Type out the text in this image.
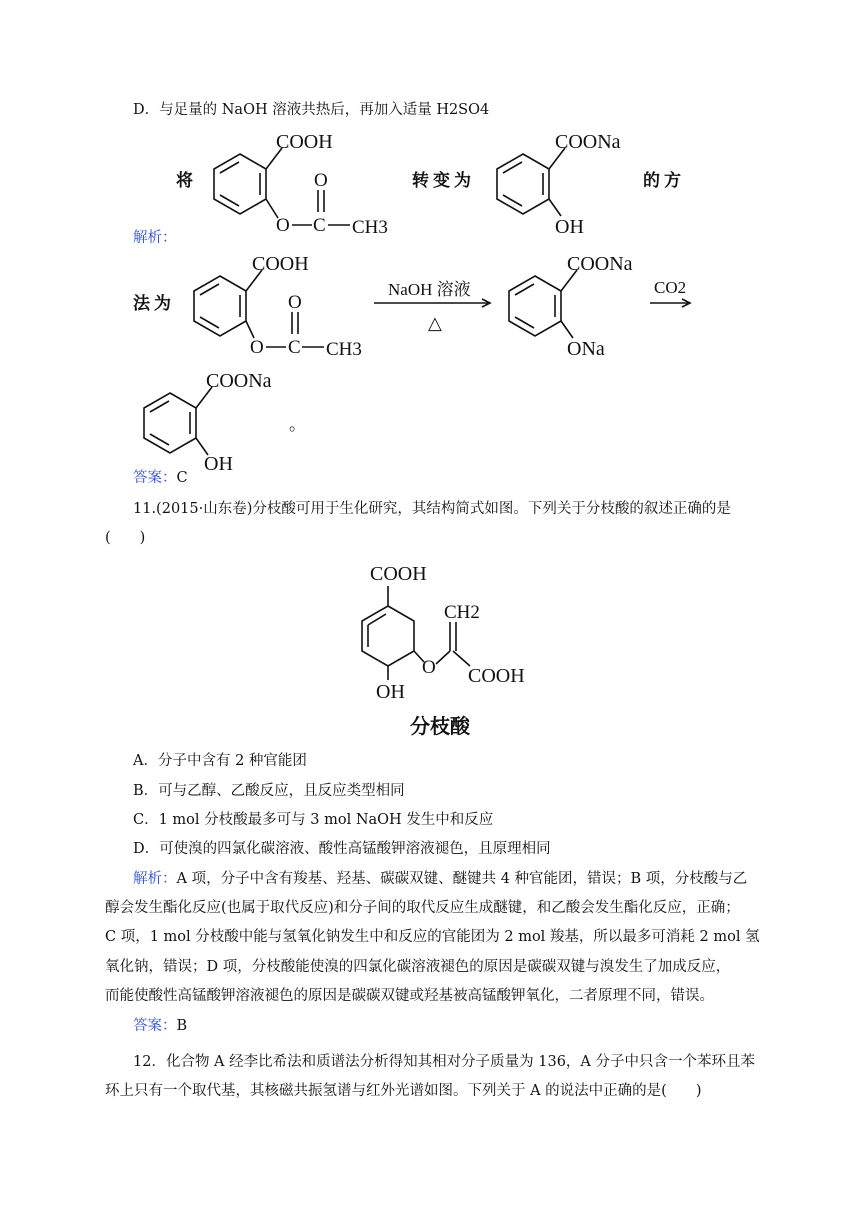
D．与足量的 NaOH 溶液共热后，再加入适量 H2SO4
将
COOH
O C
O
CH3
转变为
COONa
OH
的方
解析：
法为
COOH
O C
O
CH3
NaOH 溶液
△
COONa
ONa
CO2
COONa
OH
。
答案：C
11.(2015·山东卷)分枝酸可用于生化研究，其结构简式如图。下列关于分枝酸的叙述正确的是
(　　)
COOH
OH
O
CH2
COOH
分枝酸
A．分子中含有 2 种官能团
B．可与乙醇、乙酸反应，且反应类型相同
C．1 mol 分枝酸最多可与 3 mol NaOH 发生中和反应
D．可使溴的四氯化碳溶液、酸性高锰酸钾溶液褪色，且原理相同
解析：A 项，分子中含有羧基、羟基、碳碳双键、醚键共 4 种官能团，错误；B 项，分枝酸与乙
醇会发生酯化反应(也属于取代反应)和分子间的取代反应生成醚键，和乙酸会发生酯化反应，正确；
C 项，1 mol 分枝酸中能与氢氧化钠发生中和反应的官能团为 2 mol 羧基，所以最多可消耗 2 mol 氢
氧化钠，错误；D 项，分枝酸能使溴的四氯化碳溶液褪色的原因是碳碳双键与溴发生了加成反应，
而能使酸性高锰酸钾溶液褪色的原因是碳碳双键或羟基被高锰酸钾氧化，二者原理不同，错误。
答案：B
12．化合物 A 经李比希法和质谱法分析得知其相对分子质量为 136，A 分子中只含一个苯环且苯
环上只有一个取代基，其核磁共振氢谱与红外光谱如图。下列关于 A 的说法中正确的是(　　)
